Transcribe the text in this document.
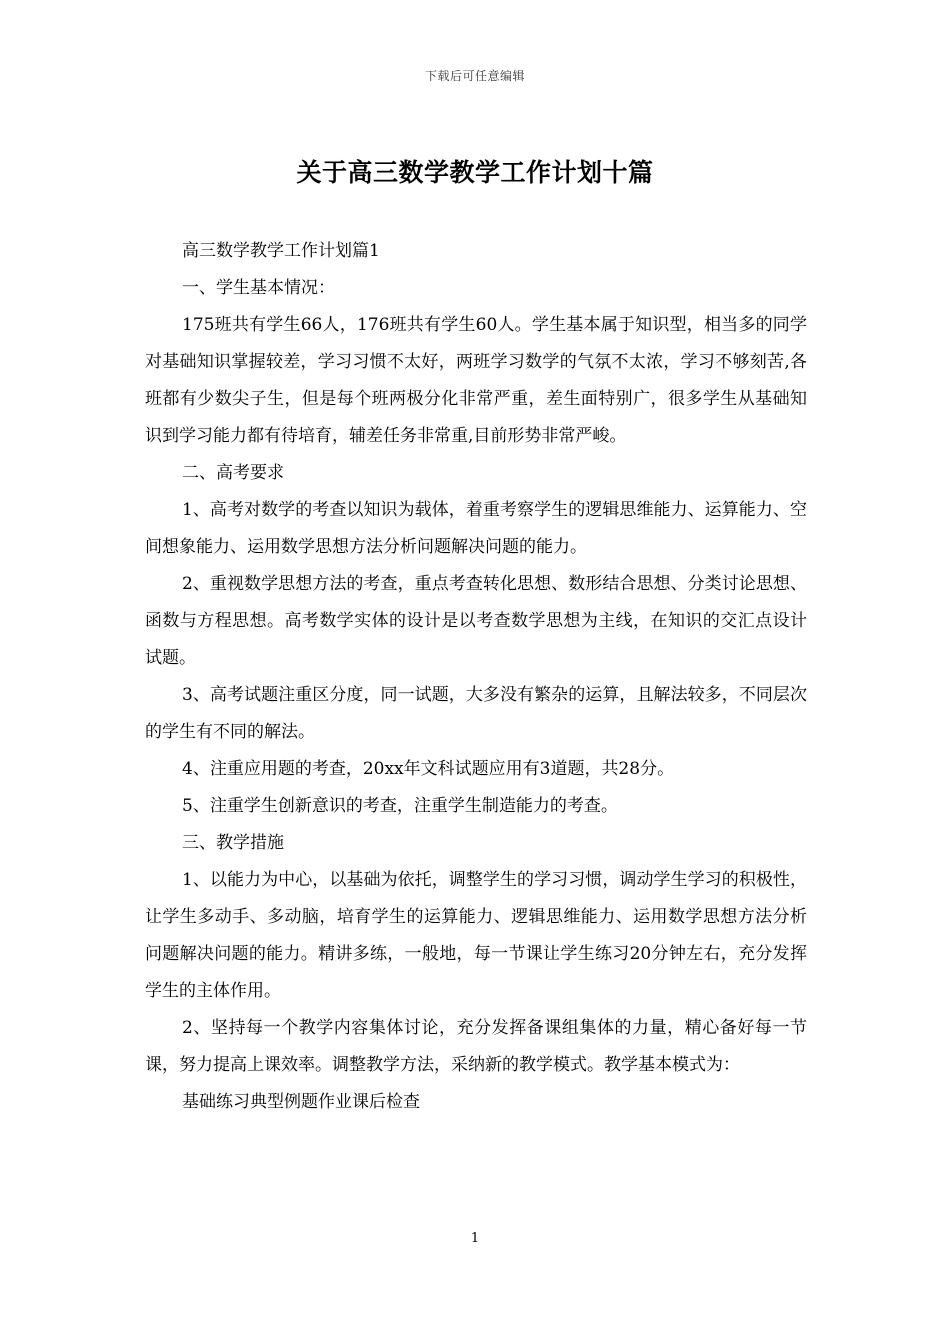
下载后可任意编辑
关于高三数学教学工作计划十篇

高三数学教学工作计划篇1

一、学生基本情况：

175班共有学生66人，176班共有学生60人。学生基本属于知识型，相当多的同学对基础知识掌握较差，学习习惯不太好，两班学习数学的气氛不太浓，学习不够刻苦,各班都有少数尖子生，但是每个班两极分化非常严重，差生面特别广，很多学生从基础知识到学习能力都有待培育，辅差任务非常重,目前形势非常严峻。

二、高考要求

1、高考对数学的考查以知识为载体，着重考察学生的逻辑思维能力、运算能力、空间想象能力、运用数学思想方法分析问题解决问题的能力。

2、重视数学思想方法的考查，重点考查转化思想、数形结合思想、分类讨论思想、函数与方程思想。高考数学实体的设计是以考查数学思想为主线，在知识的交汇点设计试题。

3、高考试题注重区分度，同一试题，大多没有繁杂的运算，且解法较多，不同层次的学生有不同的解法。

4、注重应用题的考查，20xx年文科试题应用有3道题，共28分。

5、注重学生创新意识的考查，注重学生制造能力的考查。

三、教学措施

1、以能力为中心，以基础为依托，调整学生的学习习惯，调动学生学习的积极性，让学生多动手、多动脑，培育学生的运算能力、逻辑思维能力、运用数学思想方法分析问题解决问题的能力。精讲多练，一般地，每一节课让学生练习20分钟左右，充分发挥学生的主体作用。

2、坚持每一个教学内容集体讨论，充分发挥备课组集体的力量，精心备好每一节课，努力提高上课效率。调整教学方法，采纳新的教学模式。教学基本模式为：

基础练习典型例题作业课后检查

1
